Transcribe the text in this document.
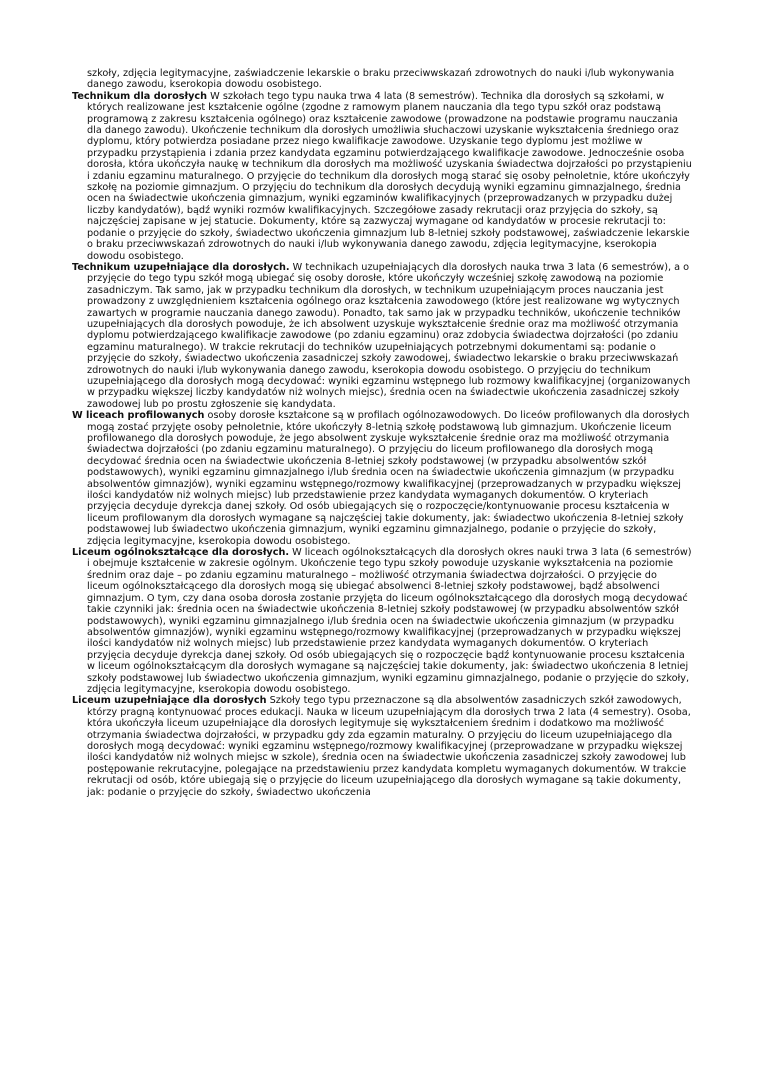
szkoły, zdjęcia legitymacyjne, zaświadczenie lekarskie o braku przeciwwskazań zdrowotnych do nauki i/lub wykonywania danego zawodu, kserokopia dowodu osobistego.

Technikum dla dorosłych W szkołach tego typu nauka trwa 4 lata (8 semestrów). Technika dla dorosłych są szkołami, w których realizowane jest kształcenie ogólne (zgodne z ramowym planem nauczania dla tego typu szkół oraz podstawą programową z zakresu kształcenia ogólnego) oraz kształcenie zawodowe (prowadzone na podstawie programu nauczania dla danego zawodu). Ukończenie technikum dla dorosłych umożliwia słuchaczowi uzyskanie wykształcenia średniego oraz dyplomu, który potwierdza posiadane przez niego kwalifikacje zawodowe. Uzyskanie tego dyplomu jest możliwe w przypadku przystąpienia i zdania przez kandydata egzaminu potwierdzającego kwalifikacje zawodowe. Jednocześnie osoba dorosła, która ukończyła naukę w technikum dla dorosłych ma możliwość uzyskania świadectwa dojrzałości po przystąpieniu i zdaniu egzaminu maturalnego. O przyjęcie do technikum dla dorosłych mogą starać się osoby pełnoletnie, które ukończyły szkołę na poziomie gimnazjum. O przyjęciu do technikum dla dorosłych decydują wyniki egzaminu gimnazjalnego, średnia ocen na świadectwie ukończenia gimnazjum, wyniki egzaminów kwalifikacyjnych (przeprowadzanych w przypadku dużej liczby kandydatów), bądź wyniki rozmów kwalifikacyjnych. Szczegółowe zasady rekrutacji oraz przyjęcia do szkoły, są najczęściej zapisane w jej statucie. Dokumenty, które są zazwyczaj wymagane od kandydatów w procesie rekrutacji to: podanie o przyjęcie do szkoły, świadectwo ukończenia gimnazjum lub 8-letniej szkoły podstawowej, zaświadczenie lekarskie o braku przeciwwskazań zdrowotnych do nauki i/lub wykonywania danego zawodu, zdjęcia legitymacyjne, kserokopia dowodu osobistego.

Technikum uzupełniające dla dorosłych. W technikach uzupełniających dla dorosłych nauka trwa 3 lata (6 semestrów), a o przyjęcie do tego typu szkół mogą ubiegać się osoby dorosłe, które ukończyły wcześniej szkołę zawodową na poziomie zasadniczym. Tak samo, jak w przypadku technikum dla dorosłych, w technikum uzupełniającym proces nauczania jest prowadzony z uwzględnieniem kształcenia ogólnego oraz kształcenia zawodowego (które jest realizowane wg wytycznych zawartych w programie nauczania danego zawodu). Ponadto, tak samo jak w przypadku techników, ukończenie techników uzupełniających dla dorosłych powoduje, że ich absolwent uzyskuje wykształcenie średnie oraz ma możliwość otrzymania dyplomu potwierdzającego kwalifikacje zawodowe (po zdaniu egzaminu) oraz zdobycia świadectwa dojrzałości (po zdaniu egzaminu maturalnego). W trakcie rekrutacji do techników uzupełniających potrzebnymi dokumentami są: podanie o przyjęcie do szkoły, świadectwo ukończenia zasadniczej szkoły zawodowej, świadectwo lekarskie o braku przeciwwskazań zdrowotnych do nauki i/lub wykonywania danego zawodu, kserokopia dowodu osobistego. O przyjęciu do technikum uzupełniającego dla dorosłych mogą decydować: wyniki egzaminu wstępnego lub rozmowy kwalifikacyjnej (organizowanych w przypadku większej liczby kandydatów niż wolnych miejsc), średnia ocen na świadectwie ukończenia zasadniczej szkoły zawodowej lub po prostu zgłoszenie się kandydata.

W liceach profilowanych osoby dorosłe kształcone są w profilach ogólnozawodowych. Do liceów profilowanych dla dorosłych mogą zostać przyjęte osoby pełnoletnie, które ukończyły 8-letnią szkołę podstawową lub gimnazjum. Ukończenie liceum profilowanego dla dorosłych powoduje, że jego absolwent zyskuje wykształcenie średnie oraz ma możliwość otrzymania świadectwa dojrzałości (po zdaniu egzaminu maturalnego). O przyjęciu do liceum profilowanego dla dorosłych mogą decydować średnia ocen na świadectwie ukończenia 8-letniej szkoły podstawowej (w przypadku absolwentów szkół podstawowych), wyniki egzaminu gimnazjalnego i/lub średnia ocen na świadectwie ukończenia gimnazjum (w przypadku absolwentów gimnazjów), wyniki egzaminu wstępnego/rozmowy kwalifikacyjnej (przeprowadzanych w przypadku większej ilości kandydatów niż wolnych miejsc) lub przedstawienie przez kandydata wymaganych dokumentów. O kryteriach przyjęcia decyduje dyrekcja danej szkoły. Od osób ubiegających się o rozpoczęcie/kontynuowanie procesu kształcenia w liceum profilowanym dla dorosłych wymagane są najczęściej takie dokumenty, jak: świadectwo ukończenia 8-letniej szkoły podstawowej lub świadectwo ukończenia gimnazjum, wyniki egzaminu gimnazjalnego, podanie o przyjęcie do szkoły, zdjęcia legitymacyjne, kserokopia dowodu osobistego.

Liceum ogólnokształcące dla dorosłych. W liceach ogólnokształcących dla dorosłych okres nauki trwa 3 lata (6 semestrów) i obejmuje kształcenie w zakresie ogólnym. Ukończenie tego typu szkoły powoduje uzyskanie wykształcenia na poziomie średnim oraz daje – po zdaniu egzaminu maturalnego – możliwość otrzymania świadectwa dojrzałości. O przyjęcie do liceum ogólnokształcącego dla dorosłych mogą się ubiegać absolwenci 8-letniej szkoły podstawowej, bądź absolwenci gimnazjum. O tym, czy dana osoba dorosła zostanie przyjęta do liceum ogólnokształcącego dla dorosłych mogą decydować takie czynniki jak: średnia ocen na świadectwie ukończenia 8-letniej szkoły podstawowej (w przypadku absolwentów szkół podstawowych), wyniki egzaminu gimnazjalnego i/lub średnia ocen na świadectwie ukończenia gimnazjum (w przypadku absolwentów gimnazjów), wyniki egzaminu wstępnego/rozmowy kwalifikacyjnej (przeprowadzanych w przypadku większej ilości kandydatów niż wolnych miejsc) lub przedstawienie przez kandydata wymaganych dokumentów. O kryteriach przyjęcia decyduje dyrekcja danej szkoły. Od osób ubiegających się o rozpoczęcie bądź kontynuowanie procesu kształcenia w liceum ogólnokształcącym dla dorosłych wymagane są najczęściej takie dokumenty, jak: świadectwo ukończenia 8 letniej szkoły podstawowej lub świadectwo ukończenia gimnazjum, wyniki egzaminu gimnazjalnego, podanie o przyjęcie do szkoły, zdjęcia legitymacyjne, kserokopia dowodu osobistego.

Liceum uzupełniające dla dorosłych Szkoły tego typu przeznaczone są dla absolwentów zasadniczych szkół zawodowych, którzy pragną kontynuować proces edukacji. Nauka w liceum uzupełniającym dla dorosłych trwa 2 lata (4 semestry). Osoba, która ukończyła liceum uzupełniające dla dorosłych legitymuje się wykształceniem średnim i dodatkowo ma możliwość otrzymania świadectwa dojrzałości, w przypadku gdy zda egzamin maturalny. O przyjęciu do liceum uzupełniającego dla dorosłych mogą decydować: wyniki egzaminu wstępnego/rozmowy kwalifikacyjnej (przeprowadzane w przypadku większej ilości kandydatów niż wolnych miejsc w szkole), średnia ocen na świadectwie ukończenia zasadniczej szkoły zawodowej lub postępowanie rekrutacyjne, polegające na przedstawieniu przez kandydata kompletu wymaganych dokumentów. W trakcie rekrutacji od osób, które ubiegają się o przyjęcie do liceum uzupełniającego dla dorosłych wymagane są takie dokumenty, jak: podanie o przyjęcie do szkoły, świadectwo ukończenia
